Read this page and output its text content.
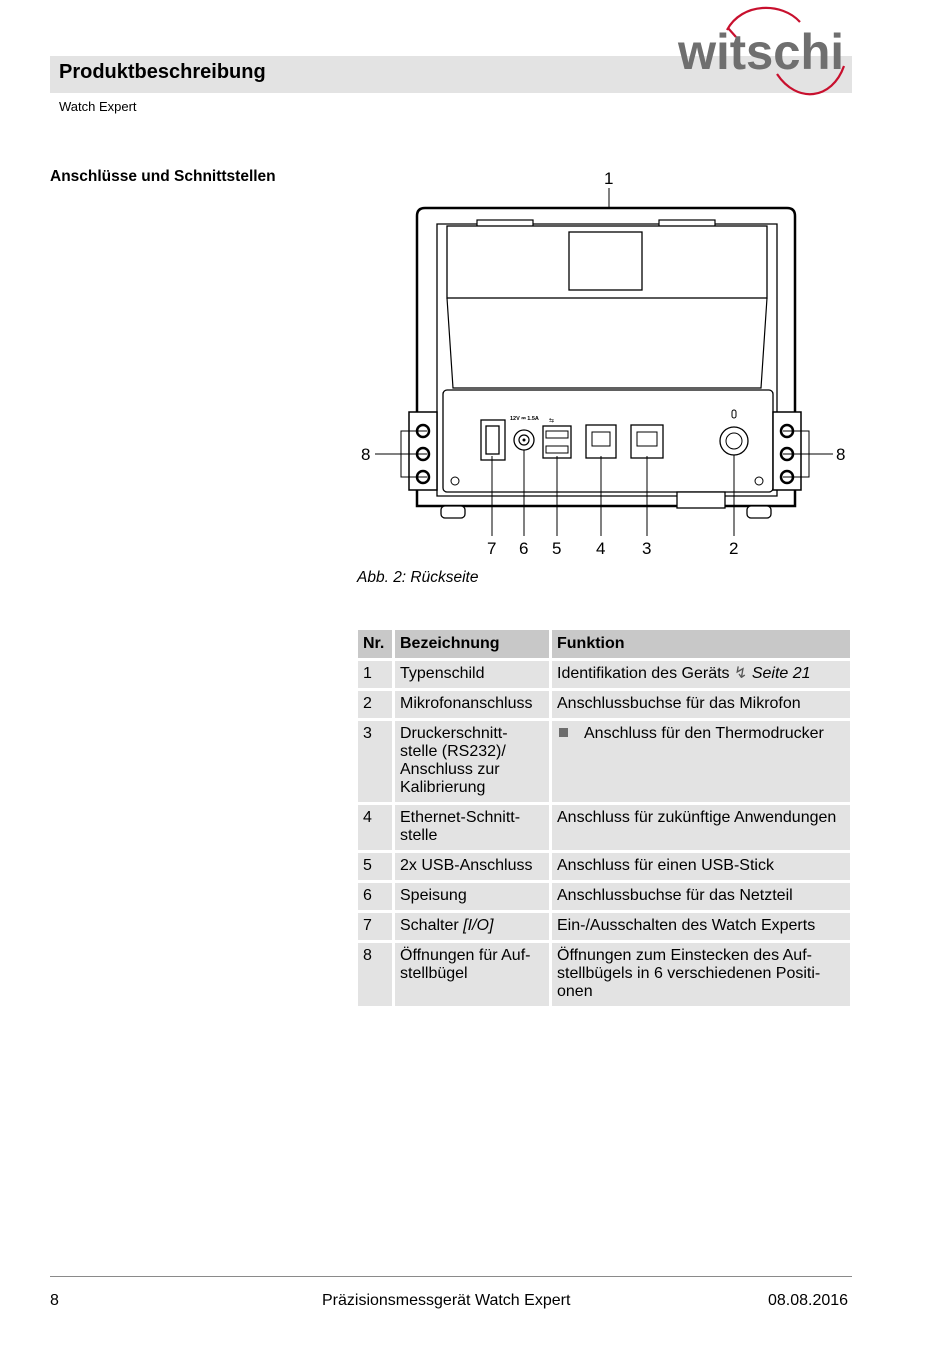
Produktbeschreibung
Watch Expert
witschi
Anschlüsse und Schnittstellen	1
12V ⎓ 1.5A ⇆
8	8
7 6 5 4 3	2
Abb. 2: Rückseite
Nr.	Bezeichnung	Funktion
1	Typenschild	Identifikation des Geräts ↯ Seite 21
2	Mikrofonanschluss	Anschlussbuchse für das Mikrofon
3	Druckerschnitt-
stelle (RS232)/
Anschluss zur
Kalibrierung	Anschluss für den Thermodrucker
4	Ethernet-Schnitt-
stelle	Anschluss für zukünftige Anwendungen
5	2x USB-Anschluss	Anschluss für einen USB-Stick
6	Speisung	Anschlussbuchse für das Netzteil
7	Schalter [I/O]	Ein-/Ausschalten des Watch Experts
8	Öffnungen für Auf-
stellbügel	Öffnungen zum Einstecken des Auf-
stellbügels in 6 verschiedenen Positi-
onen
8	Präzisionsmessgerät Watch Expert	08.08.2016
